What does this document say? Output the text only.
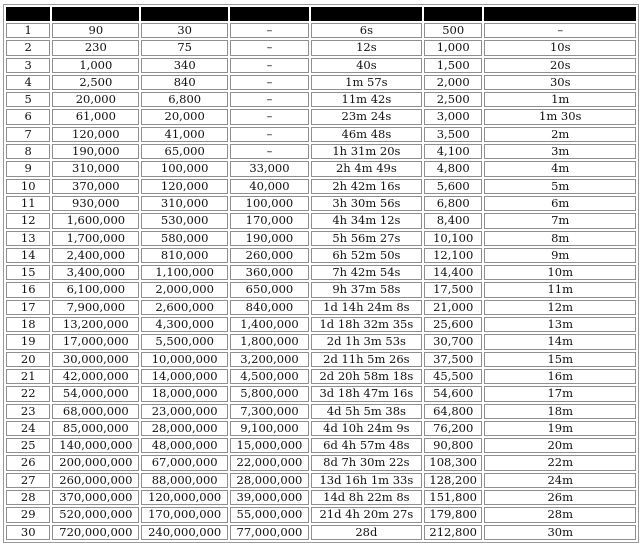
1	90	30	–	6s	500	–
2	230	75	–	12s	1,000	10s
3	1,000	340	–	40s	1,500	20s
4	2,500	840	–	1m 57s	2,000	30s
5	20,000	6,800	–	11m 42s	2,500	1m
6	61,000	20,000	–	23m 24s	3,000	1m 30s
7	120,000	41,000	–	46m 48s	3,500	2m
8	190,000	65,000	–	1h 31m 20s	4,100	3m
9	310,000	100,000	33,000	2h 4m 49s	4,800	4m
10	370,000	120,000	40,000	2h 42m 16s	5,600	5m
11	930,000	310,000	100,000	3h 30m 56s	6,800	6m
12	1,600,000	530,000	170,000	4h 34m 12s	8,400	7m
13	1,700,000	580,000	190,000	5h 56m 27s	10,100	8m
14	2,400,000	810,000	260,000	6h 52m 50s	12,100	9m
15	3,400,000	1,100,000	360,000	7h 42m 54s	14,400	10m
16	6,100,000	2,000,000	650,000	9h 37m 58s	17,500	11m
17	7,900,000	2,600,000	840,000	1d 14h 24m 8s	21,000	12m
18	13,200,000	4,300,000	1,400,000	1d 18h 32m 35s	25,600	13m
19	17,000,000	5,500,000	1,800,000	2d 1h 3m 53s	30,700	14m
20	30,000,000	10,000,000	3,200,000	2d 11h 5m 26s	37,500	15m
21	42,000,000	14,000,000	4,500,000	2d 20h 58m 18s	45,500	16m
22	54,000,000	18,000,000	5,800,000	3d 18h 47m 16s	54,600	17m
23	68,000,000	23,000,000	7,300,000	4d 5h 5m 38s	64,800	18m
24	85,000,000	28,000,000	9,100,000	4d 10h 24m 9s	76,200	19m
25	140,000,000	48,000,000	15,000,000	6d 4h 57m 48s	90,800	20m
26	200,000,000	67,000,000	22,000,000	8d 7h 30m 22s	108,300	22m
27	260,000,000	88,000,000	28,000,000	13d 16h 1m 33s	128,200	24m
28	370,000,000	120,000,000	39,000,000	14d 8h 22m 8s	151,800	26m
29	520,000,000	170,000,000	55,000,000	21d 4h 20m 27s	179,800	28m
30	720,000,000	240,000,000	77,000,000	28d	212,800	30m
